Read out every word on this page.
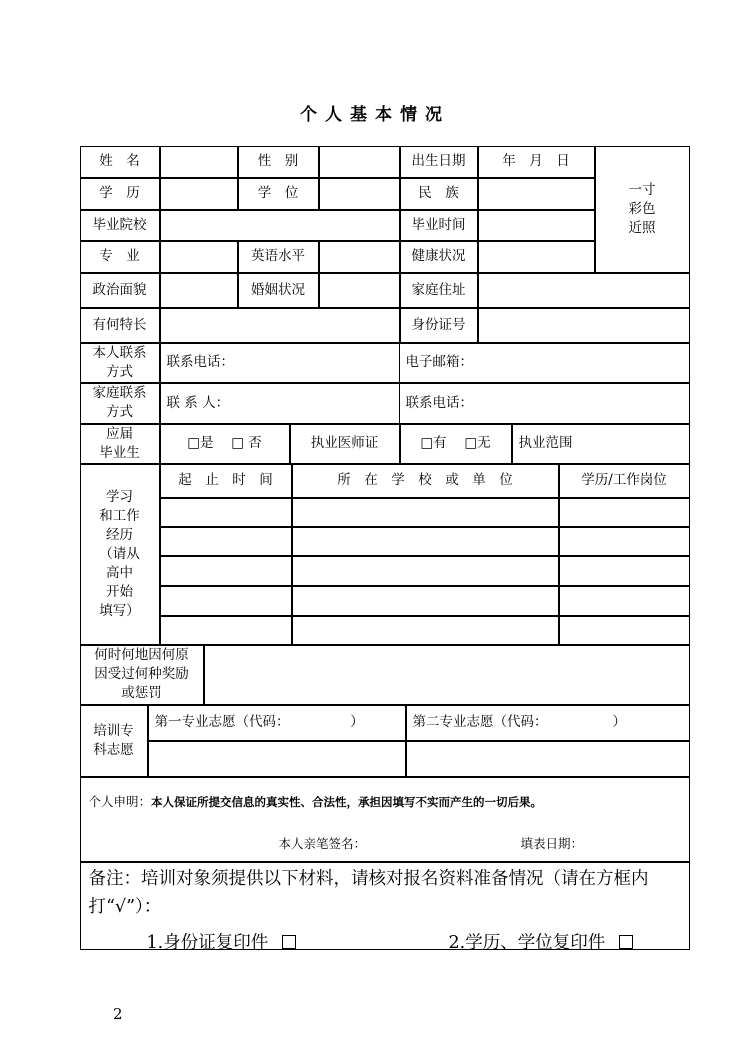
个人基本情况
姓　名	性　别	出生日期	年　月　日
一寸
彩色
近照
学　历	学　位	民　族
毕业院校	毕业时间
专　业	英语水平	健康状况
政治面貌	婚姻状况	家庭住址
有何特长	身份证号
本人联系
方式
联系电话：	电子邮箱：
家庭联系
方式
联 系 人：	联系电话：
应届
毕业生
□是　 □ 否	执业医师证	□有　 □无	执业范围
学习
和工作
经历
（请从
高中
开始
填写）
起　止　时　间	所　在　学　校　或　单　位	学历/工作岗位
何时何地因何原
因受过何种奖励
或惩罚
培训专
科志愿
第一专业志愿（代码：　　　　　）	第二专业志愿（代码：　　　　　 ）
个人申明：本人保证所提交信息的真实性、合法性，承担因填写不实而产生的一切后果。
本人亲笔签名：	填表日期：
备注：培训对象须提供以下材料，请核对报名资料准备情况（请在方框内打“√”）：
1.身份证复印件	2.学历、学位复印件
2
